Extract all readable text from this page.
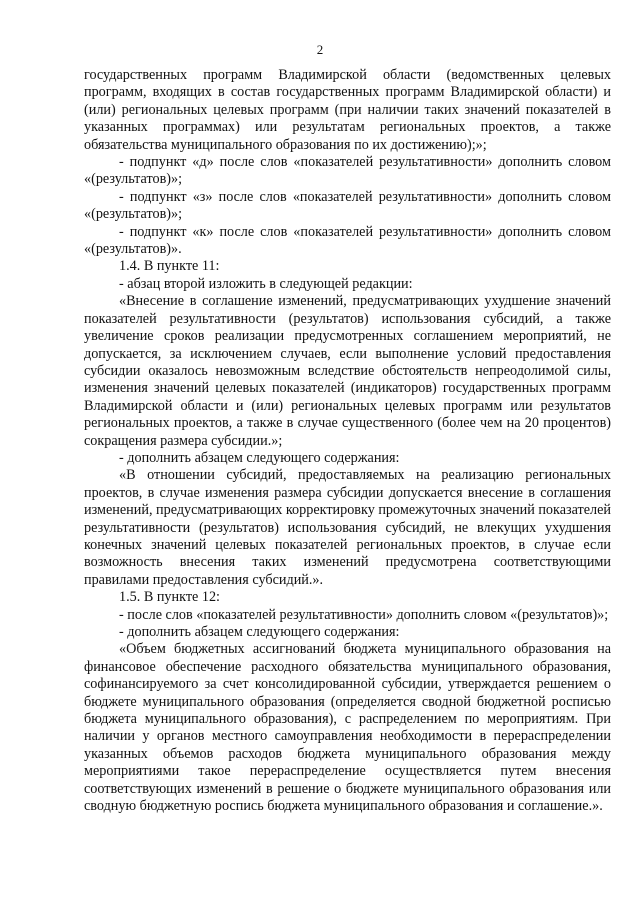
2

государственных программ Владимирской области (ведомственных целевых программ, входящих в состав государственных программ Владимирской области) и (или) региональных целевых программ (при наличии таких значений показателей в указанных программах) или результатам региональных проектов, а также обязательства муниципального образования по их достижению);»;

- подпункт «д» после слов «показателей результативности» дополнить словом «(результатов)»;

- подпункт «з» после слов «показателей результативности» дополнить словом «(результатов)»;

- подпункт «к» после слов «показателей результативности» дополнить словом «(результатов)».

1.4. В пункте 11:

- абзац второй изложить в следующей редакции:

«Внесение в соглашение изменений, предусматривающих ухудшение значений показателей результативности (результатов) использования субсидий, а также увеличение сроков реализации предусмотренных соглашением мероприятий, не допускается, за исключением случаев, если выполнение условий предоставления субсидии оказалось невозможным вследствие обстоятельств непреодолимой силы, изменения значений целевых показателей (индикаторов) государственных программ Владимирской области и (или) региональных целевых программ или результатов региональных проектов, а также в случае существенного (более чем на 20 процентов) сокращения размера субсидии.»;

- дополнить абзацем следующего содержания:

«В отношении субсидий, предоставляемых на реализацию региональных проектов, в случае изменения размера субсидии допускается внесение в соглашения изменений, предусматривающих корректировку промежуточных значений показателей результативности (результатов) использования субсидий, не влекущих ухудшения конечных значений целевых показателей региональных проектов, в случае если возможность внесения таких изменений предусмотрена соответствующими правилами предоставления субсидий.».

1.5. В пункте 12:

- после слов «показателей результативности» дополнить словом «(результатов)»;

- дополнить абзацем следующего содержания:

«Объем бюджетных ассигнований бюджета муниципального образования на финансовое обеспечение расходного обязательства муниципального образования, софинансируемого за счет консолидированной субсидии, утверждается решением о бюджете муниципального образования (определяется сводной бюджетной росписью бюджета муниципального образования), с распределением по мероприятиям. При наличии у органов местного самоуправления необходимости в перераспределении указанных объемов расходов бюджета муниципального образования между мероприятиями такое перераспределение осуществляется путем внесения соответствующих изменений в решение о бюджете муниципального образования или сводную бюджетную роспись бюджета муниципального образования и соглашение.».
